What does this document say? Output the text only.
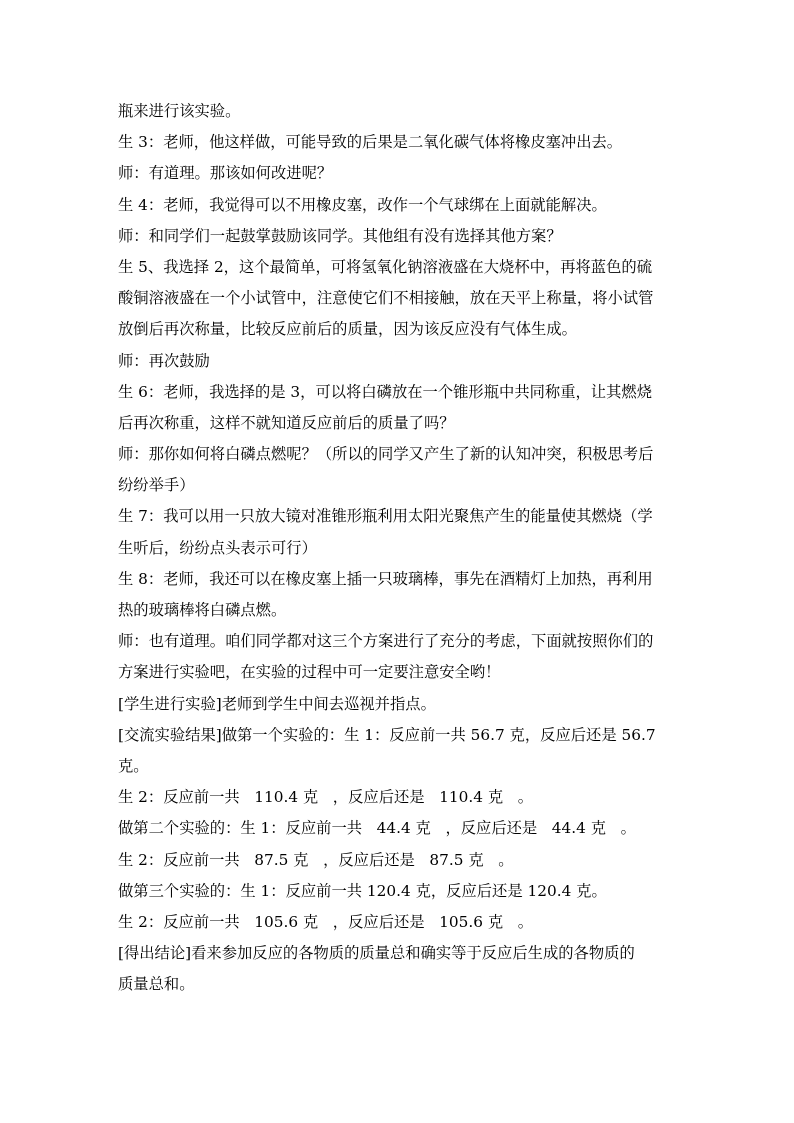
瓶来进行该实验。
生 3：老师，他这样做，可能导致的后果是二氧化碳气体将橡皮塞冲出去。
师：有道理。那该如何改进呢？
生 4：老师，我觉得可以不用橡皮塞，改作一个气球绑在上面就能解决。
师：和同学们一起鼓掌鼓励该同学。其他组有没有选择其他方案？
生 5、我选择 2，这个最简单，可将氢氧化钠溶液盛在大烧杯中，再将蓝色的硫
酸铜溶液盛在一个小试管中，注意使它们不相接触，放在天平上称量，将小试管
放倒后再次称量，比较反应前后的质量，因为该反应没有气体生成。
师：再次鼓励
生 6：老师，我选择的是 3，可以将白磷放在一个锥形瓶中共同称重，让其燃烧
后再次称重，这样不就知道反应前后的质量了吗？
师：那你如何将白磷点燃呢？（所以的同学又产生了新的认知冲突，积极思考后
纷纷举手）
生 7：我可以用一只放大镜对准锥形瓶利用太阳光聚焦产生的能量使其燃烧（学
生听后，纷纷点头表示可行）
生 8：老师，我还可以在橡皮塞上插一只玻璃棒，事先在酒精灯上加热，再利用
热的玻璃棒将白磷点燃。
师：也有道理。咱们同学都对这三个方案进行了充分的考虑，下面就按照你们的
方案进行实验吧，在实验的过程中可一定要注意安全哟！
[学生进行实验]老师到学生中间去巡视并指点。
[交流实验结果]做第一个实验的：生 1：反应前一共 56.7 克，反应后还是 56.7
克。
生 2：反应前一共   110.4 克   ，反应后还是   110.4 克   。
做第二个实验的：生 1：反应前一共   44.4 克   ，反应后还是   44.4 克   。
生 2：反应前一共   87.5 克   ，反应后还是   87.5 克   。
做第三个实验的：生 1：反应前一共 120.4 克，反应后还是 120.4 克。
生 2：反应前一共   105.6 克   ，反应后还是   105.6 克   。
[得出结论]看来参加反应的各物质的质量总和确实等于反应后生成的各物质的
质量总和。
